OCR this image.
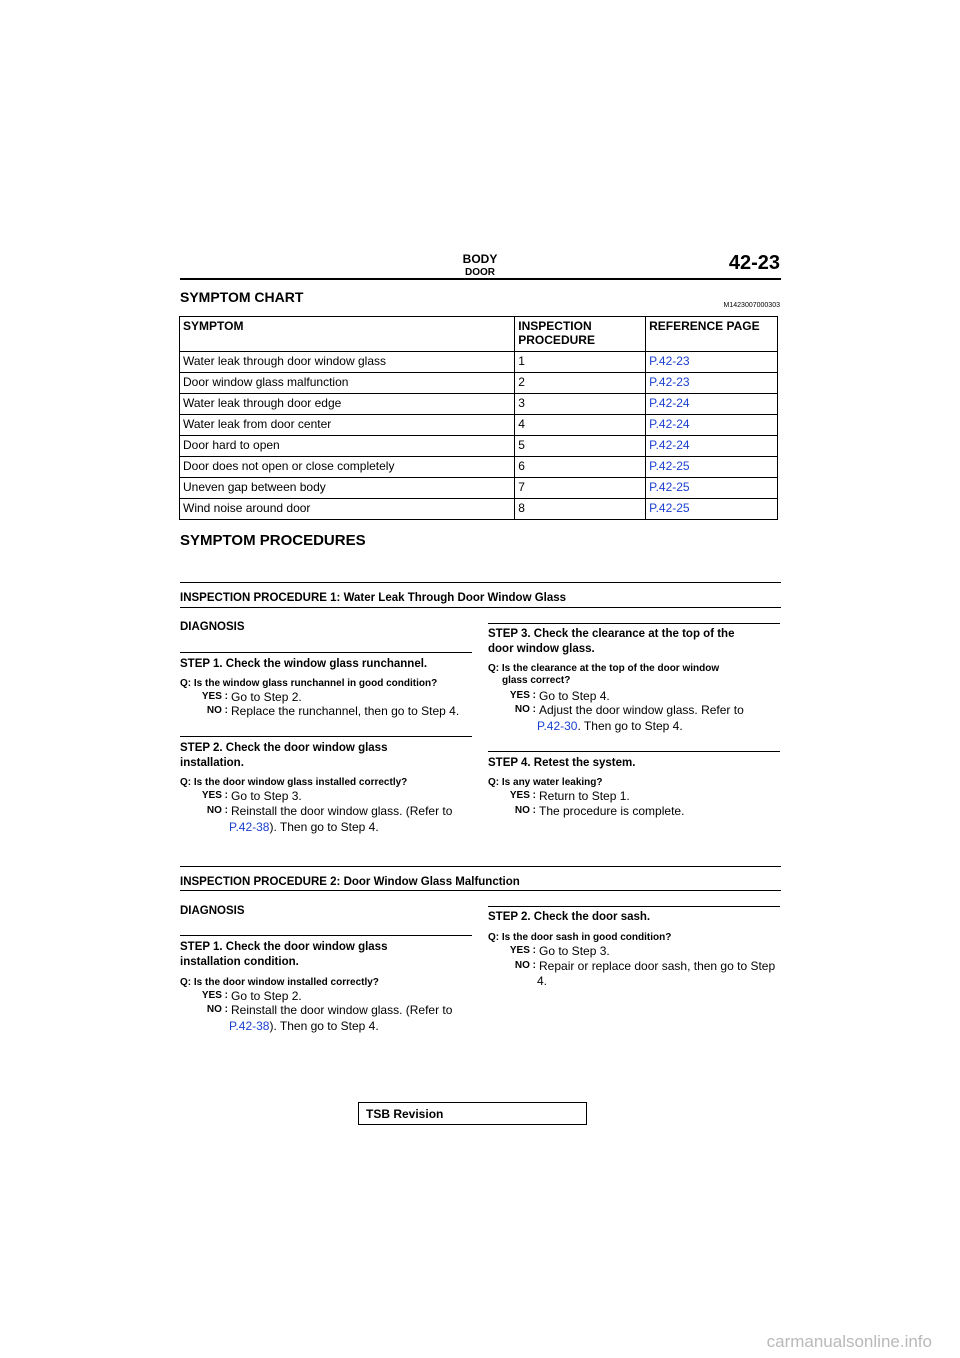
BODY
DOOR	42-23
SYMPTOM CHART
M1423007000303
SYMPTOM	INSPECTION PROCEDURE	REFERENCE PAGE
Water leak through door window glass	1	P.42-23
Door window glass malfunction	2	P.42-23
Water leak through door edge	3	P.42-24
Water leak from door center	4	P.42-24
Door hard to open	5	P.42-24
Door does not open or close completely	6	P.42-25
Uneven gap between body	7	P.42-25
Wind noise around door	8	P.42-25
SYMPTOM PROCEDURES
INSPECTION PROCEDURE 1: Water Leak Through Door Window Glass
DIAGNOSIS
STEP 1. Check the window glass runchannel.
Q: Is the window glass runchannel in good condition?
YES : Go to Step 2.
NO : Replace the runchannel, then go to Step 4.
STEP 2. Check the door window glass
installation.
Q: Is the door window glass installed correctly?
YES : Go to Step 3.
NO : Reinstall the door window glass. (Refer to
P.42-38). Then go to Step 4.
STEP 3. Check the clearance at the top of the
door window glass.
Q: Is the clearance at the top of the door window
glass correct?
YES : Go to Step 4.
NO : Adjust the door window glass. Refer to
P.42-30. Then go to Step 4.
STEP 4. Retest the system.
Q: Is any water leaking?
YES : Return to Step 1.
NO : The procedure is complete.
INSPECTION PROCEDURE 2: Door Window Glass Malfunction
DIAGNOSIS
STEP 1. Check the door window glass
installation condition.
Q: Is the door window installed correctly?
YES : Go to Step 2.
NO : Reinstall the door window glass. (Refer to
P.42-38). Then go to Step 4.
STEP 2. Check the door sash.
Q: Is the door sash in good condition?
YES : Go to Step 3.
NO : Repair or replace door sash, then go to Step
4.
TSB Revision
carmanualsonline.info
